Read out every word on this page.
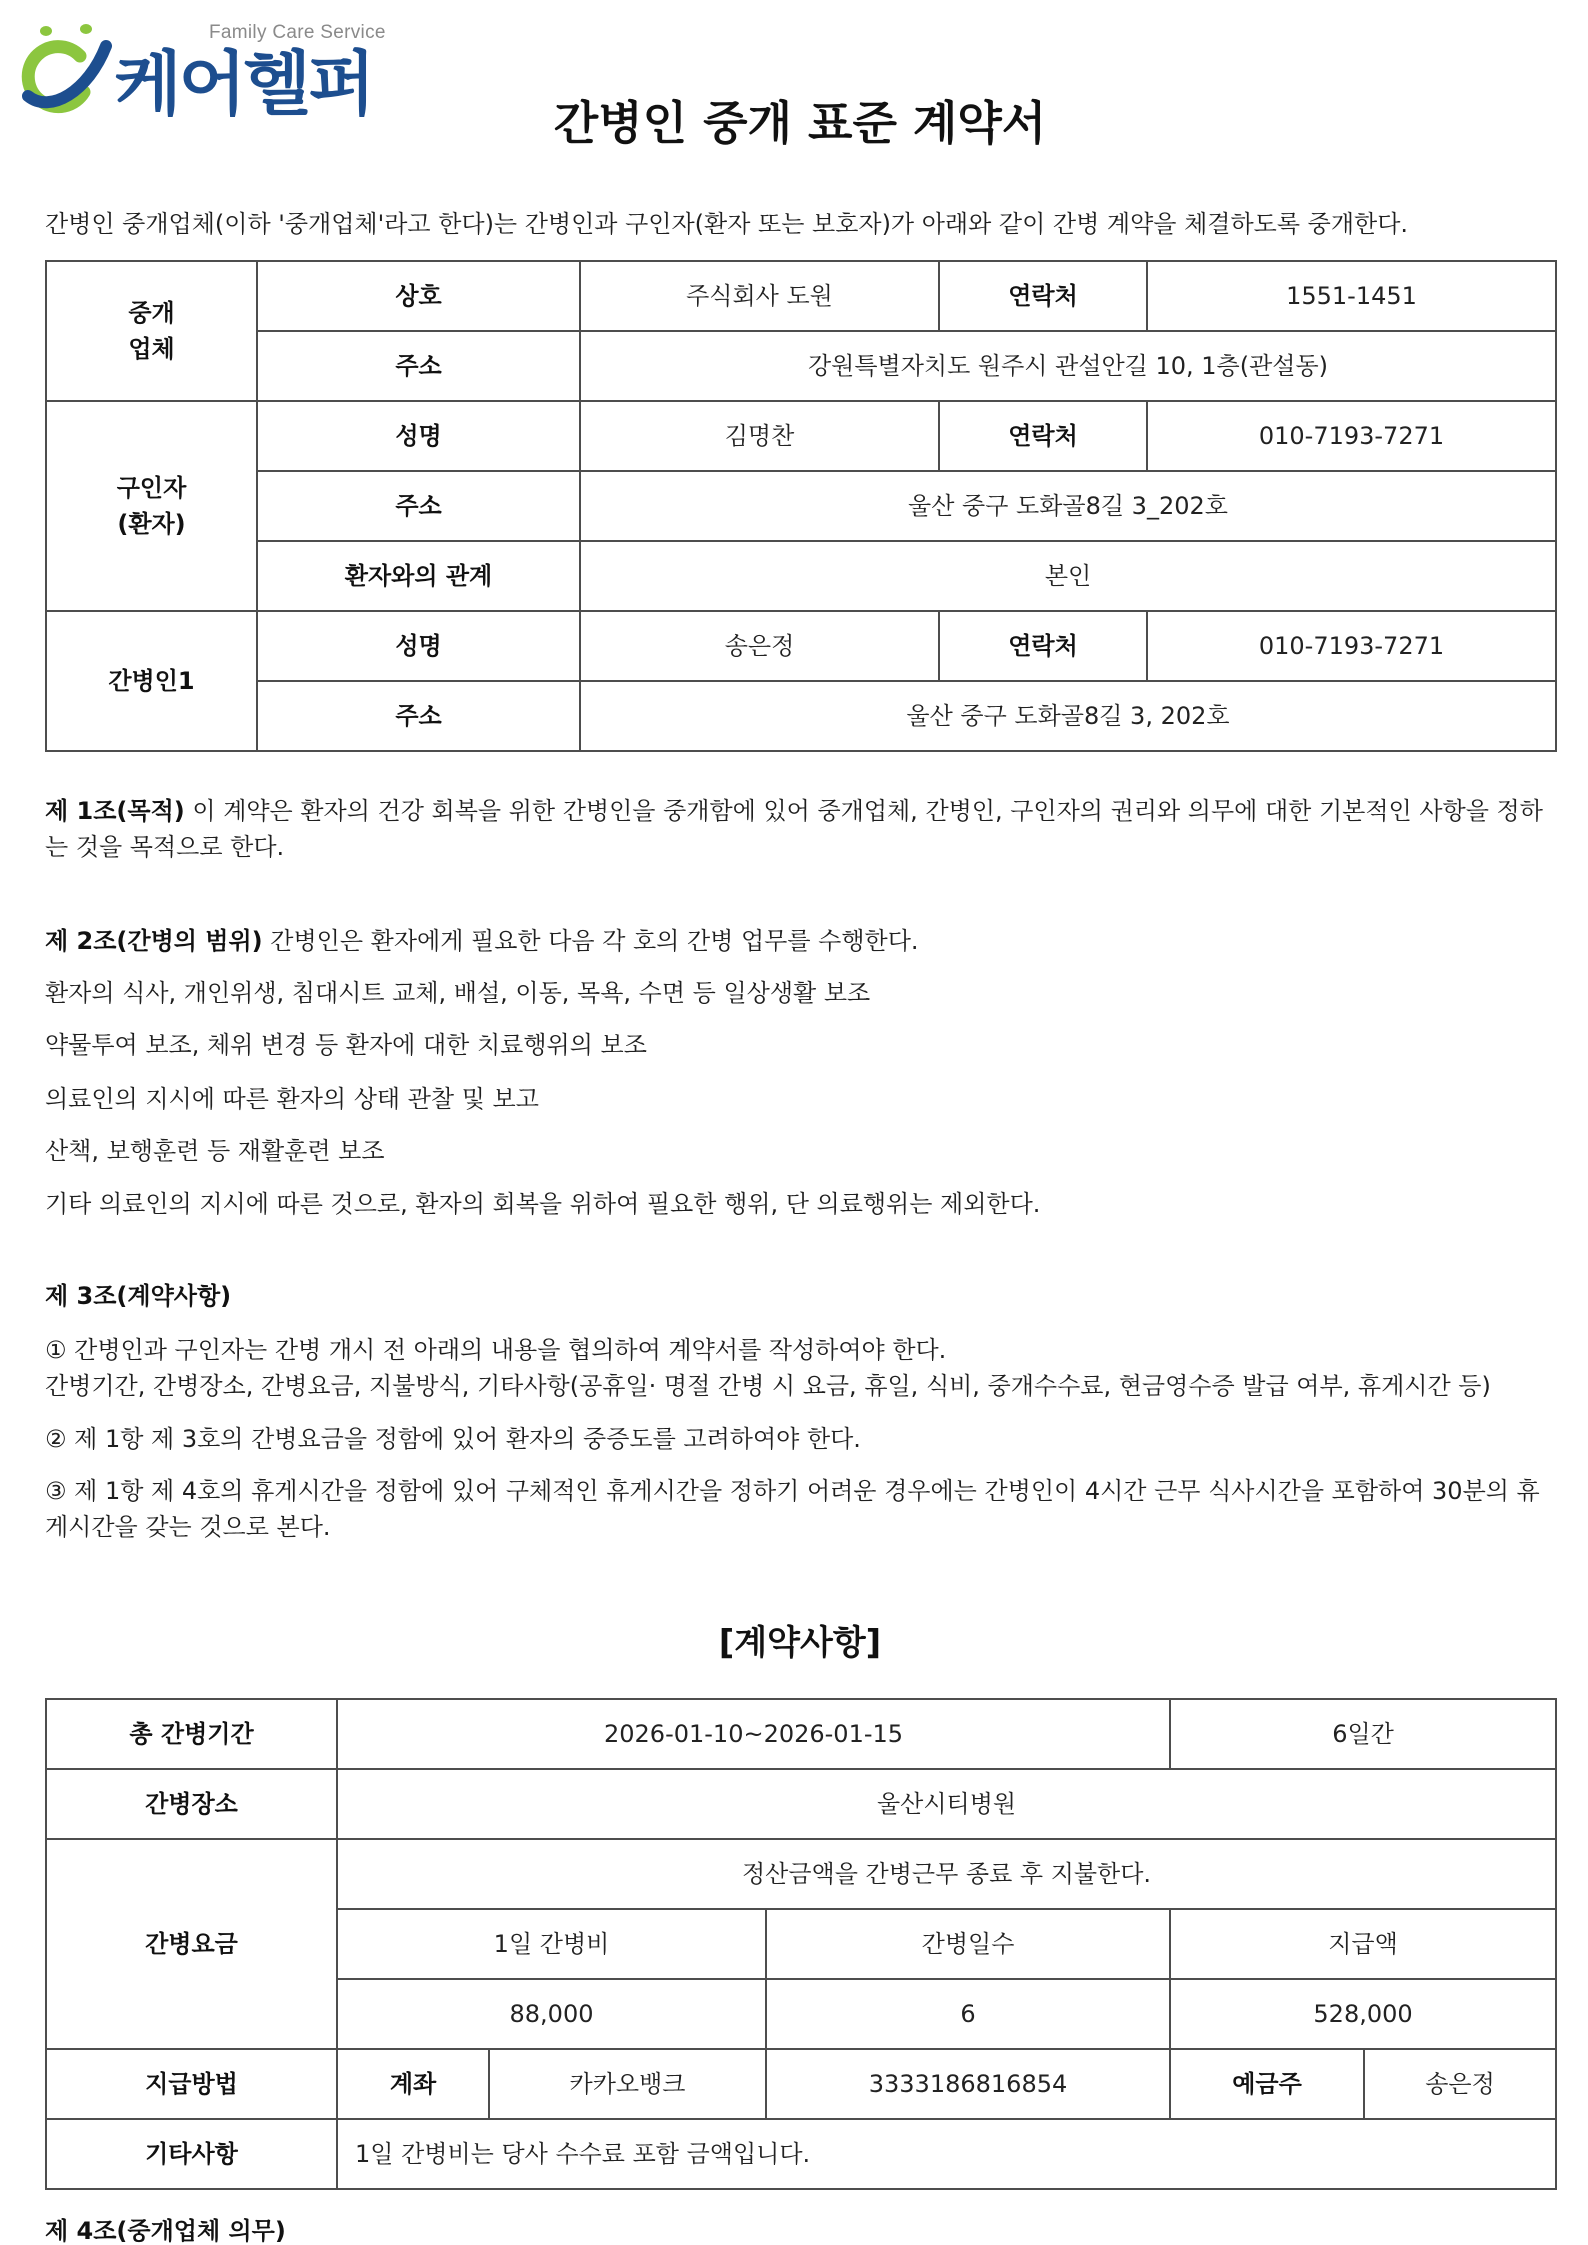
Family Care Service
케어헬퍼	간병인 중개 표준 계약서

간병인 중개업체(이하 '중개업체'라고 한다)는 간병인과 구인자(환자 또는 보호자)가 아래와 같이 간병 계약을 체결하도록 중개한다.

중개
업체	상호	주식회사 도원	연락처	1551-1451
	주소	강원특별자치도 원주시 관설안길 10, 1층(관설동)		
구인자
(환자)	성명	김명찬	연락처	010-7193-7271
	주소	울산 중구 도화골8길 3_202호		
	환자와의 관계	본인		
간병인1	성명	송은정	연락처	010-7193-7271
	주소	울산 중구 도화골8길 3, 202호		

제 1조(목적) 이 계약은 환자의 건강 회복을 위한 간병인을 중개함에 있어 중개업체, 간병인, 구인자의 권리와 의무에 대한 기본적인 사항을 정하는 것을 목적으로 한다.

제 2조(간병의 범위) 간병인은 환자에게 필요한 다음 각 호의 간병 업무를 수행한다.

환자의 식사, 개인위생, 침대시트 교체, 배설, 이동, 목욕, 수면 등 일상생활 보조

약물투여 보조, 체위 변경 등 환자에 대한 치료행위의 보조

의료인의 지시에 따른 환자의 상태 관찰 및 보고

산책, 보행훈련 등 재활훈련 보조

기타 의료인의 지시에 따른 것으로, 환자의 회복을 위하여 필요한 행위, 단 의료행위는 제외한다.

제 3조(계약사항)

① 간병인과 구인자는 간병 개시 전 아래의 내용을 협의하여 계약서를 작성하여야 한다.

간병기간, 간병장소, 간병요금, 지불방식, 기타사항(공휴일· 명절 간병 시 요금, 휴일, 식비, 중개수수료, 현금영수증 발급 여부, 휴게시간 등)

② 제 1항 제 3호의 간병요금을 정함에 있어 환자의 중증도를 고려하여야 한다.

③ 제 1항 제 4호의 휴게시간을 정함에 있어 구체적인 휴게시간을 정하기 어려운 경우에는 간병인이 4시간 근무 식사시간을 포함하여 30분의 휴게시간을 갖는 것으로 본다.

[계약사항]
총 간병기간	2026-01-10~2026-01-15			6일간	
간병장소	울산시티병원				
간병요금	정산금액을 간병근무 종료 후 지불한다.				
	1일 간병비		간병일수	지급액	
	88,000		6	528,000	
지급방법	계좌	카카오뱅크	3333186816854	예금주	송은정
기타사항	1일 간병비는 당사 수수료 포함 금액입니다.				
제 4조(중개업체 의무)
